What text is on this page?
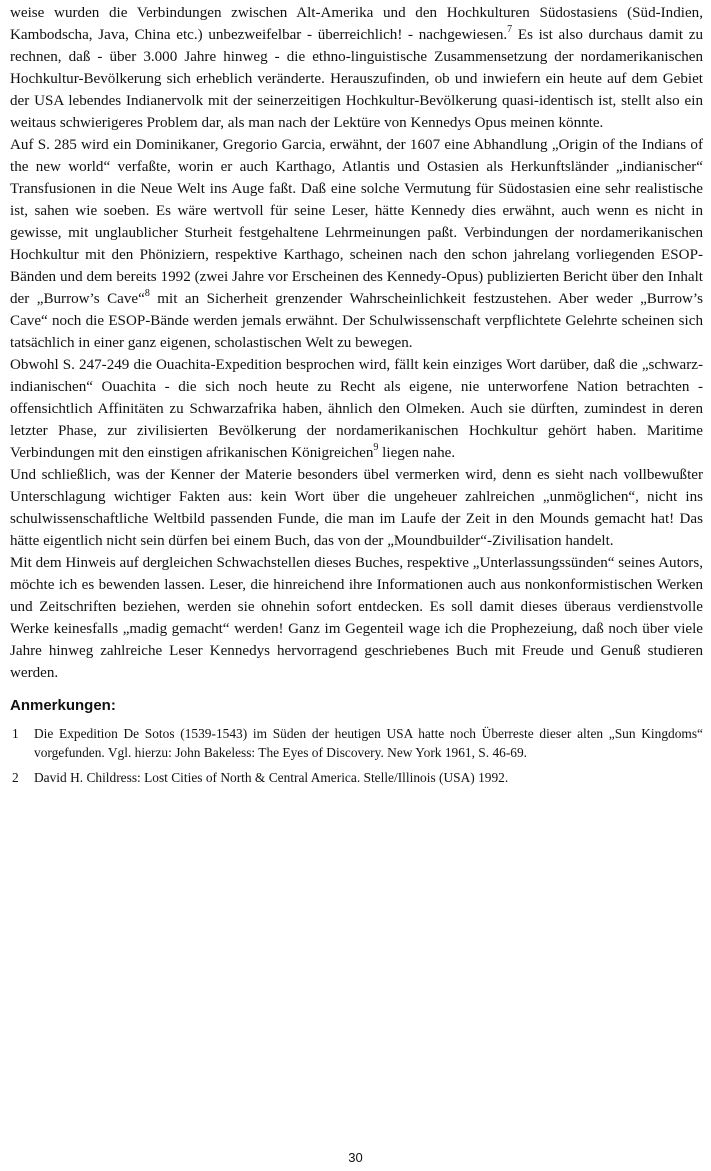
weise wurden die Verbindungen zwischen Alt-Amerika und den Hochkulturen Südostasiens (Süd-Indien, Kambodscha, Java, China etc.) unbezweifelbar - überreichlich! - nachgewiesen.$^7$ Es ist also durchaus damit zu rechnen, daß - über 3.000 Jahre hinweg - die ethno-linguistische Zusammensetzung der nordamerikanischen Hochkultur-Bevölkerung sich erheblich veränderte. Herauszufinden, ob und inwiefern ein heute auf dem Gebiet der USA lebendes Indianervolk mit der seinerzeitigen Hochkultur-Bevölkerung quasi-identisch ist, stellt also ein weitaus schwierigeres Problem dar, als man nach der Lektüre von Kennedys Opus meinen könnte.

Auf S. 285 wird ein Dominikaner, Gregorio Garcia, erwähnt, der 1607 eine Abhandlung „Origin of the Indians of the new world“ verfaßte, worin er auch Karthago, Atlantis und Ostasien als Herkunftsländer „indianischer“ Transfusionen in die Neue Welt ins Auge faßt. Daß eine solche Vermutung für Südostasien eine sehr realistische ist, sahen wie soeben. Es wäre wertvoll für seine Leser, hätte Kennedy dies erwähnt, auch wenn es nicht in gewisse, mit unglaublicher Sturheit festgehaltene Lehrmeinungen paßt. Verbindungen der nordamerikanischen Hochkultur mit den Phöniziern, respektive Karthago, scheinen nach den schon jahrelang vorliegenden ESOP-Bänden und dem bereits 1992 (zwei Jahre vor Erscheinen des Kennedy-Opus) publizierten Bericht über den Inhalt der „Burrow’s Cave“$^8$ mit an Sicherheit grenzender Wahrscheinlichkeit festzustehen. Aber weder „Burrow’s Cave“ noch die ESOP-Bände werden jemals erwähnt. Der Schulwissenschaft verpflichtete Gelehrte scheinen sich tatsächlich in einer ganz eigenen, scholastischen Welt zu bewegen.

Obwohl S. 247-249 die Ouachita-Expedition besprochen wird, fällt kein einziges Wort darüber, daß die „schwarz-indianischen“ Ouachita - die sich noch heute zu Recht als eigene, nie unterworfene Nation betrachten - offensichtlich Affinitäten zu Schwarzafrika haben, ähnlich den Olmeken. Auch sie dürften, zumindest in deren letzter Phase, zur zivilisierten Bevölkerung der nordamerikanischen Hochkultur gehört haben. Maritime Verbindungen mit den einstigen afrikanischen Königreichen$^9$ liegen nahe.

Und schließlich, was der Kenner der Materie besonders übel vermerken wird, denn es sieht nach vollbewußter Unterschlagung wichtiger Fakten aus: kein Wort über die ungeheuer zahlreichen „unmöglichen“, nicht ins schulwissenschaftliche Weltbild passenden Funde, die man im Laufe der Zeit in den Mounds gemacht hat! Das hätte eigentlich nicht sein dürfen bei einem Buch, das von der „Moundbuilder“-Zivilisation handelt.

Mit dem Hinweis auf dergleichen Schwachstellen dieses Buches, respektive „Unterlassungssünden“ seines Autors, möchte ich es bewenden lassen. Leser, die hinreichend ihre Informationen auch aus nonkonformistischen Werken und Zeitschriften beziehen, werden sie ohnehin sofort entdecken. Es soll damit dieses überaus verdienstvolle Werke keinesfalls „madig gemacht“ werden! Ganz im Gegenteil wage ich die Prophezeiung, daß noch über viele Jahre hinweg zahlreiche Leser Kennedys hervorragend geschriebenes Buch mit Freude und Genuß studieren werden.

Anmerkungen:
1	Die Expedition De Sotos (1539-1543) im Süden der heutigen USA hatte noch Überreste dieser alten „Sun Kingdoms“ vorgefunden. Vgl. hierzu: John Bakeless: The Eyes of Discovery. New York 1961, S. 46-69.
2	David H. Childress: Lost Cities of North & Central America. Stelle/Illinois (USA) 1992.
30
